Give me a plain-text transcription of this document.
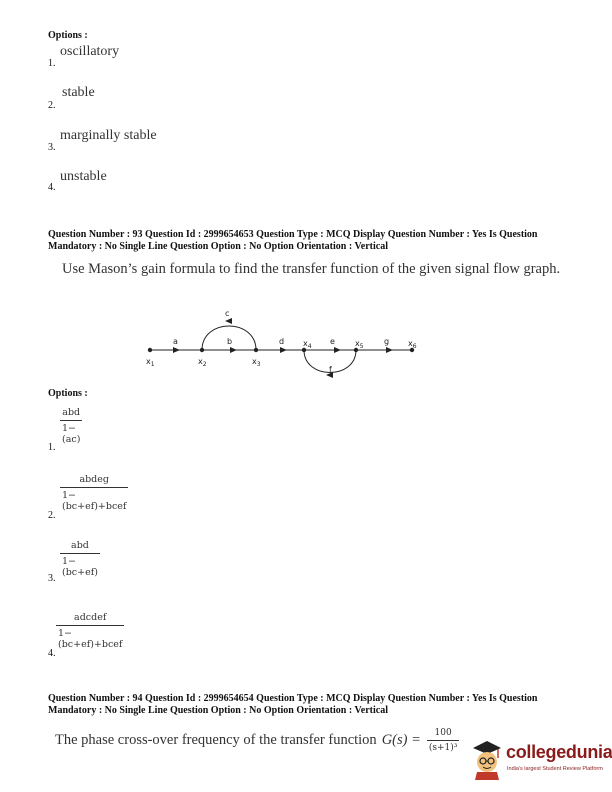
Options :
oscillatory
1.
stable
2.
marginally stable
3.
unstable
4.
Question Number : 93 Question Id : 2999654653 Question Type : MCQ Display Question Number : Yes Is Question
Mandatory : No Single Line Question Option : No Option Orientation : Vertical
Use Mason’s gain formula to find the transfer function of the given signal flow graph.
$x_1$	$x_2$	$x_3$
$x_4$	$x_5$	$x_6$
a	b
c
d	e
f
g
Options :
abd
1−(ac)
1.
abdeg
1−(bc+ef)+bcef
2.
abd
1−(bc+ef)
3.
adcdef
1−(bc+ef)+bcef
4.
Question Number : 94 Question Id : 2999654654 Question Type : MCQ Display Question Number : Yes Is Question
Mandatory : No Single Line Question Option : No Option Orientation : Vertical
The phase cross-over frequency of the transfer function $G(s) = \frac{100}{\text{(s+1)³}}$	collegedunia
India's largest Student Review Platform
